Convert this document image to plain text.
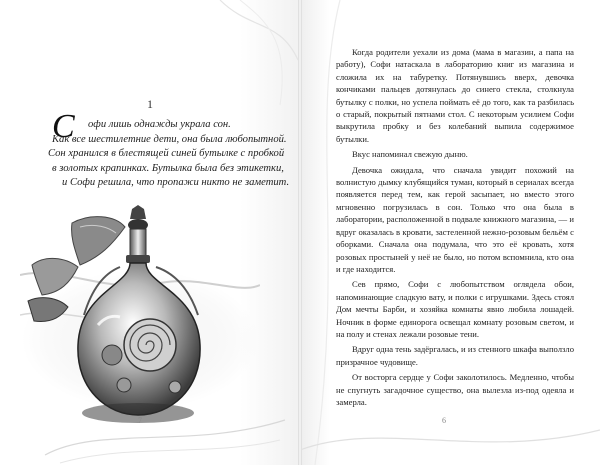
1
С	офи лишь однажды украла сон.
Как все шестилетние дети, она была любопытной.
Сон хранился в блестящей синей бутылке с пробкой
в золотых крапинках. Бутылка была без этикетки,
и Софи решила, что пропажи никто не заметит.
7

Когда родители уехали из дома (мама в магазин, а папа на работу), Софи натаскала в лабораторию книг из магазина и сложила их на табуретку. Потянувшись вверх, девочка кончиками пальцев дотянулась до синего стекла, столкнула бутылку с полки, но успела поймать её до того, как та разбилась о старый, покрытый пятнами стол. С некоторым усилием Софи выкрутила пробку и без колебаний выпила содержимое бутылки.

Вкус напоминал свежую дыню.

Девочка ожидала, что сначала увидит похожий на волнистую дымку клубящийся туман, который в сериалах всегда появляется перед тем, как герой засыпает, но вместо этого мгновенно погрузилась в сон. Только что она была в лаборатории, расположенной в подвале книжного магазина, — и вдруг оказалась в кровати, застеленной нежно-розовым бельём с оборками. Сначала она подумала, что это её кровать, хотя розовых простыней у неё не было, но потом вспомнила, кто она и где находится.

Сев прямо, Софи с любопытством оглядела обои, напоминающие сладкую вату, и полки с игрушками. Здесь стоял Дом мечты Барби, и хозяйка комнаты явно любила лошадей. Ночник в форме единорога освещал комнату розовым светом, и на полу и стенах лежали розовые тени.

Вдруг одна тень задёргалась, и из стенного шкафа выползло призрачное чудовище.

От восторга сердце у Софи заколотилось. Медленно, чтобы не спугнуть загадочное существо, она вылезла из-под одеяла и замерла.

6
